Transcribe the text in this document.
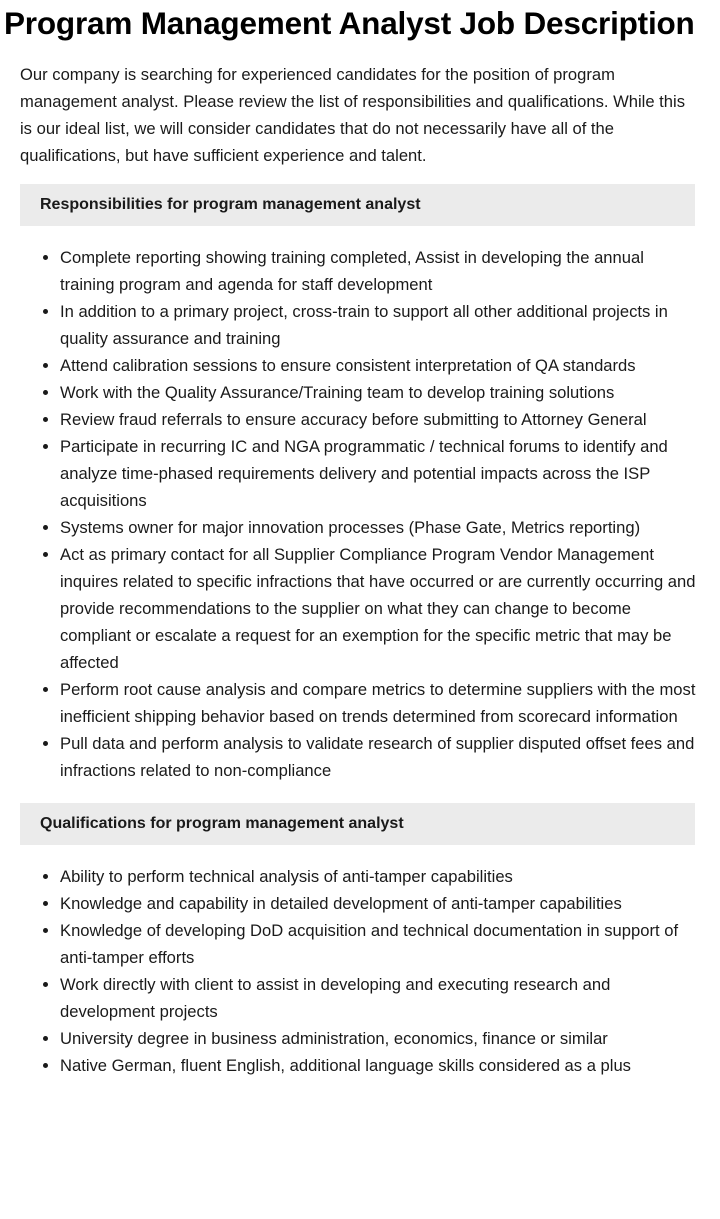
Program Management Analyst Job Description

Our company is searching for experienced candidates for the position of program management analyst. Please review the list of responsibilities and qualifications. While this is our ideal list, we will consider candidates that do not necessarily have all of the qualifications, but have sufficient experience and talent.

Responsibilities for program management analyst
• Complete reporting showing training completed, Assist in developing the annual training program and agenda for staff development
• In addition to a primary project, cross-train to support all other additional projects in quality assurance and training
• Attend calibration sessions to ensure consistent interpretation of QA standards
• Work with the Quality Assurance/Training team to develop training solutions
• Review fraud referrals to ensure accuracy before submitting to Attorney General
• Participate in recurring IC and NGA programmatic / technical forums to identify and analyze time-phased requirements delivery and potential impacts across the ISP acquisitions
• Systems owner for major innovation processes (Phase Gate, Metrics reporting)
• Act as primary contact for all Supplier Compliance Program Vendor Management inquires related to specific infractions that have occurred or are currently occurring and provide recommendations to the supplier on what they can change to become compliant or escalate a request for an exemption for the specific metric that may be affected
• Perform root cause analysis and compare metrics to determine suppliers with the most inefficient shipping behavior based on trends determined from scorecard information
• Pull data and perform analysis to validate research of supplier disputed offset fees and infractions related to non-compliance
Qualifications for program management analyst
• Ability to perform technical analysis of anti-tamper capabilities
• Knowledge and capability in detailed development of anti-tamper capabilities
• Knowledge of developing DoD acquisition and technical documentation in support of anti-tamper efforts
• Work directly with client to assist in developing and executing research and development projects
• University degree in business administration, economics, finance or similar
• Native German, fluent English, additional language skills considered as a plus
